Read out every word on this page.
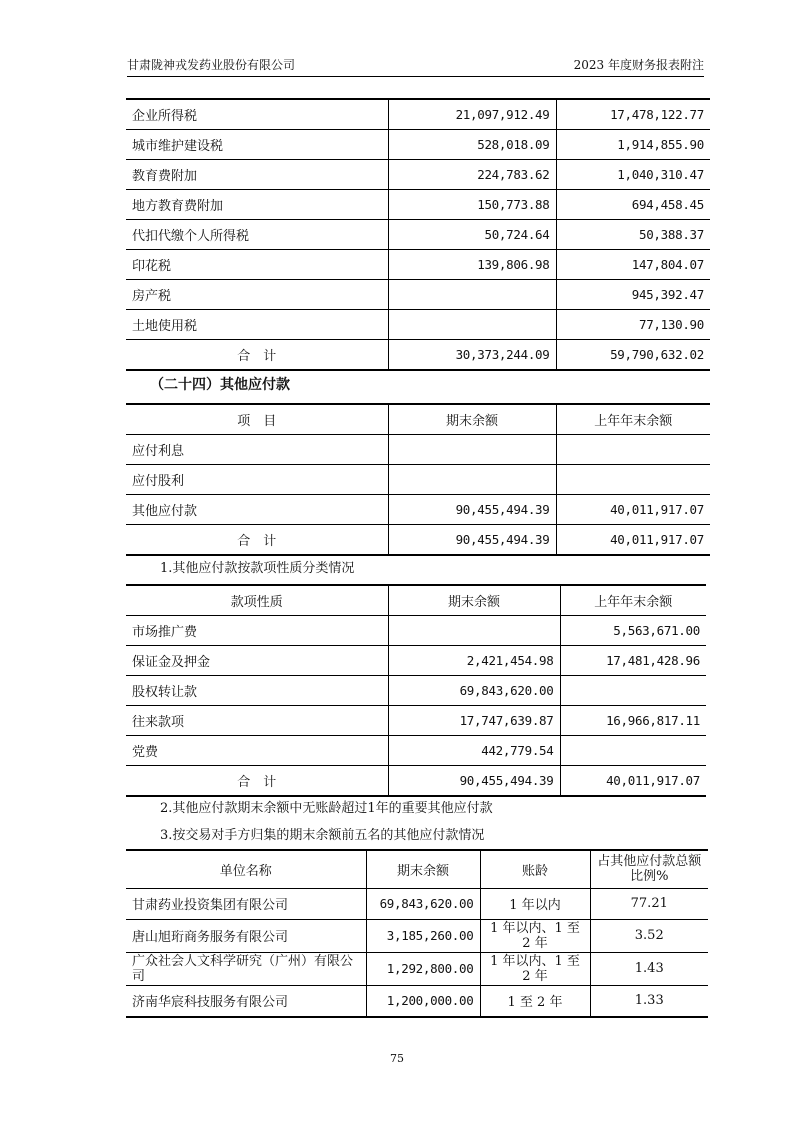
甘肃陇神戎发药业股份有限公司	2023 年度财务报表附注
企业所得税	21,097,912.49	17,478,122.77
城市维护建设税	528,018.09	1,914,855.90
教育费附加	224,783.62	1,040,310.47
地方教育费附加	150,773.88	694,458.45
代扣代缴个人所得税	50,724.64	50,388.37
印花税	139,806.98	147,804.07
房产税		945,392.47
土地使用税		77,130.90
合　计	30,373,244.09	59,790,632.02
（二十四）其他应付款
项　目	期末余额	上年年末余额
应付利息		
应付股利		
其他应付款	90,455,494.39	40,011,917.07
合　计	90,455,494.39	40,011,917.07
1.其他应付款按款项性质分类情况
款项性质	期末余额	上年年末余额
市场推广费		5,563,671.00
保证金及押金	2,421,454.98	17,481,428.96
股权转让款	69,843,620.00	
往来款项	17,747,639.87	16,966,817.11
党费	442,779.54	
合　计	90,455,494.39	40,011,917.07
2.其他应付款期末余额中无账龄超过1年的重要其他应付款
3.按交易对手方归集的期末余额前五名的其他应付款情况
单位名称	期末余额	账龄	占其他应付款总额比例%
甘肃药业投资集团有限公司	69,843,620.00	1 年以内	77.21
唐山旭珩商务服务有限公司	3,185,260.00	1 年以内、1 至 2 年	3.52
广众社会人文科学研究（广州）有限公司	1,292,800.00	1 年以内、1 至 2 年	1.43
济南华宸科技服务有限公司	1,200,000.00	1 至 2 年	1.33
75
